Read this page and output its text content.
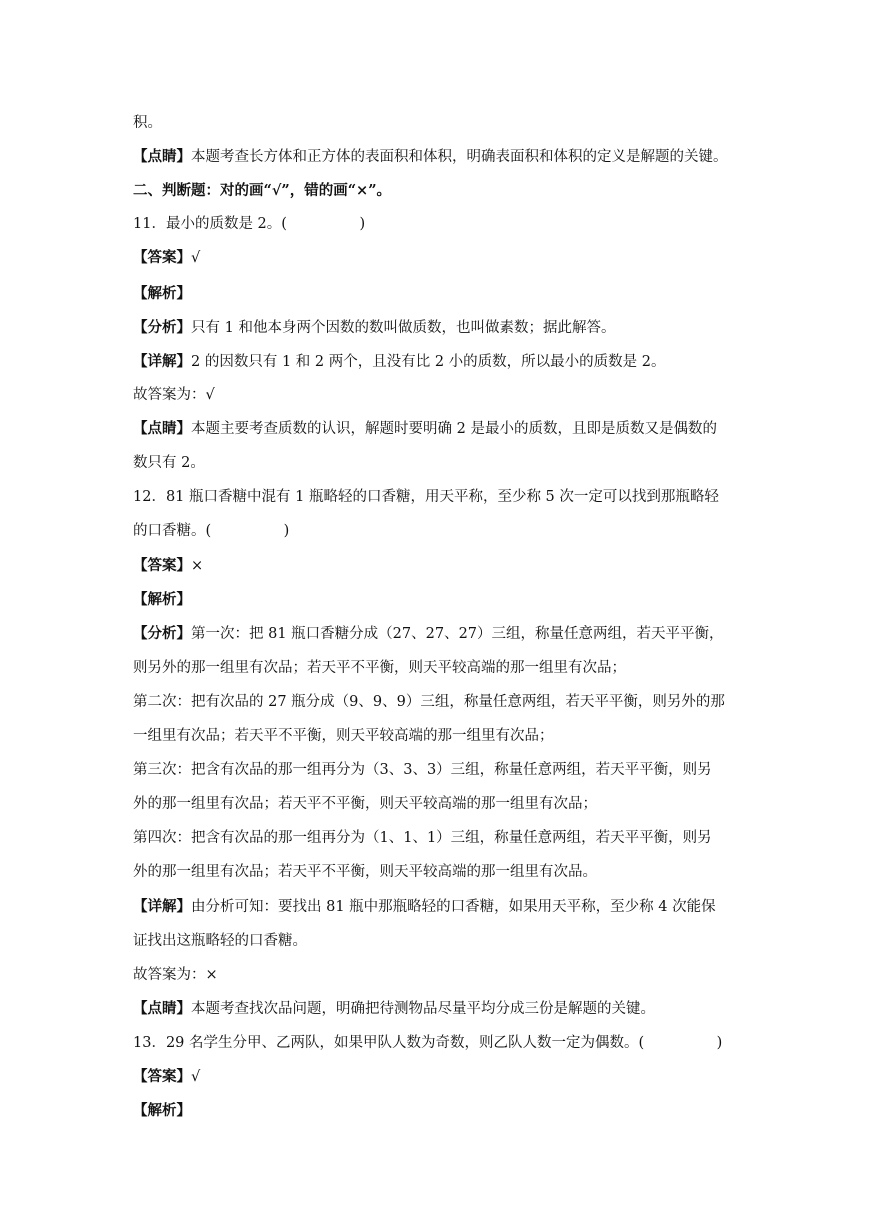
积。
【点睛】本题考查长方体和正方体的表面积和体积，明确表面积和体积的定义是解题的关键。
二、判断题：对的画“√”，错的画“×”。
11．最小的质数是 2。(　　　　　)
【答案】√
【解析】
【分析】只有 1 和他本身两个因数的数叫做质数，也叫做素数；据此解答。
【详解】2 的因数只有 1 和 2 两个，且没有比 2 小的质数，所以最小的质数是 2。
故答案为：√
【点睛】本题主要考查质数的认识，解题时要明确 2 是最小的质数，且即是质数又是偶数的
数只有 2。
12．81 瓶口香糖中混有 1 瓶略轻的口香糖，用天平称，至少称 5 次一定可以找到那瓶略轻
的口香糖。(　　　　　)
【答案】×
【解析】
【分析】第一次：把 81 瓶口香糖分成（27、27、27）三组，称量任意两组，若天平平衡，
则另外的那一组里有次品；若天平不平衡，则天平较高端的那一组里有次品；
第二次：把有次品的 27 瓶分成（9、9、9）三组，称量任意两组，若天平平衡，则另外的那
一组里有次品；若天平不平衡，则天平较高端的那一组里有次品；
第三次：把含有次品的那一组再分为（3、3、3）三组，称量任意两组，若天平平衡，则另
外的那一组里有次品；若天平不平衡，则天平较高端的那一组里有次品；
第四次：把含有次品的那一组再分为（1、1、1）三组，称量任意两组，若天平平衡，则另
外的那一组里有次品；若天平不平衡，则天平较高端的那一组里有次品。
【详解】由分析可知：要找出 81 瓶中那瓶略轻的口香糖，如果用天平称，至少称 4 次能保
证找出这瓶略轻的口香糖。
故答案为：×
【点睛】本题考查找次品问题，明确把待测物品尽量平均分成三份是解题的关键。
13．29 名学生分甲、乙两队，如果甲队人数为奇数，则乙队人数一定为偶数。(　　　　　)
【答案】√
【解析】
